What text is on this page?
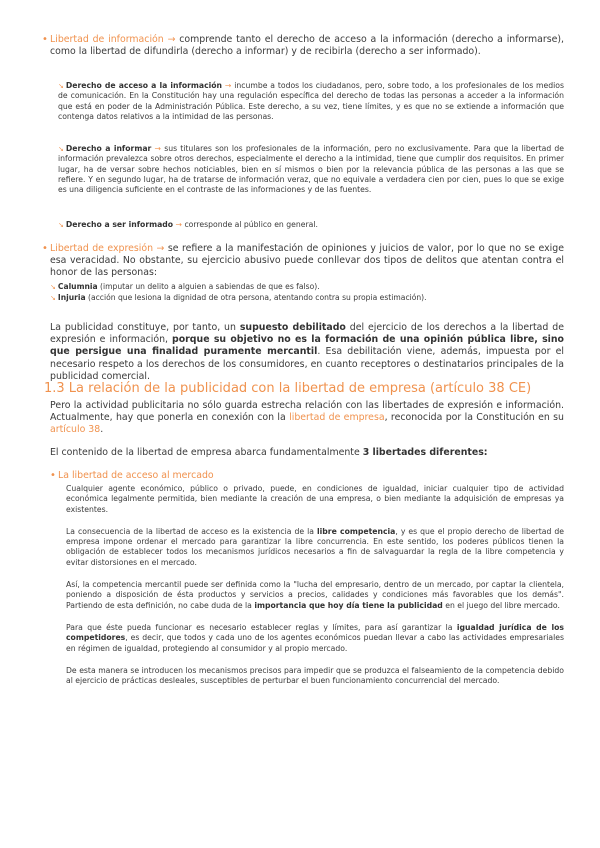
• Libertad de información → comprende tanto el derecho de acceso a la información (derecho a informarse), como la libertad de difundirla (derecho a informar) y de recibirla (derecho a ser informado).

↘ Derecho de acceso a la información → incumbe a todos los ciudadanos, pero, sobre todo, a los profesionales de los medios de comunicación. En la Constitución hay una regulación específica del derecho de todas las personas a acceder a la información que está en poder de la Administración Pública. Este derecho, a su vez, tiene límites, y es que no se extiende a información que contenga datos relativos a la intimidad de las personas.

↘ Derecho a informar → sus titulares son los profesionales de la información, pero no exclusivamente. Para que la libertad de información prevalezca sobre otros derechos, especialmente el derecho a la intimidad, tiene que cumplir dos requisitos. En primer lugar, ha de versar sobre hechos noticiables, bien en sí mismos o bien por la relevancia pública de las personas a las que se refiere. Y en segundo lugar, ha de tratarse de información veraz, que no equivale a verdadera cien por cien, pues lo que se exige es una diligencia suficiente en el contraste de las informaciones y de las fuentes.

↘ Derecho a ser informado → corresponde al público en general.

• Libertad de expresión → se refiere a la manifestación de opiniones y juicios de valor, por lo que no se exige esa veracidad. No obstante, su ejercicio abusivo puede conllevar dos tipos de delitos que atentan contra el honor de las personas:

↘ Calumnia (imputar un delito a alguien a sabiendas de que es falso).

↘ Injuria (acción que lesiona la dignidad de otra persona, atentando contra su propia estimación).

La publicidad constituye, por tanto, un supuesto debilitado del ejercicio de los derechos a la libertad de expresión e información, porque su objetivo no es la formación de una opinión pública libre, sino que persigue una finalidad puramente mercantil. Esa debilitación viene, además, impuesta por el necesario respeto a los derechos de los consumidores, en cuanto receptores o destinatarios principales de la publicidad comercial.

1.3 La relación de la publicidad con la libertad de empresa (artículo 38 CE)

Pero la actividad publicitaria no sólo guarda estrecha relación con las libertades de expresión e información. Actualmente, hay que ponerla en conexión con la libertad de empresa, reconocida por la Constitución en su artículo 38.

El contenido de la libertad de empresa abarca fundamentalmente 3 libertades diferentes:

• La libertad de acceso al mercado

Cualquier agente económico, público o privado, puede, en condiciones de igualdad, iniciar cualquier tipo de actividad económica legalmente permitida, bien mediante la creación de una empresa, o bien mediante la adquisición de empresas ya existentes.

La consecuencia de la libertad de acceso es la existencia de la libre competencia, y es que el propio derecho de libertad de empresa impone ordenar el mercado para garantizar la libre concurrencia. En este sentido, los poderes públicos tienen la obligación de establecer todos los mecanismos jurídicos necesarios a fin de salvaguardar la regla de la libre competencia y evitar distorsiones en el mercado.

Así, la competencia mercantil puede ser definida como la "lucha del empresario, dentro de un mercado, por captar la clientela, poniendo a disposición de ésta productos y servicios a precios, calidades y condiciones más favorables que los demás". Partiendo de esta definición, no cabe duda de la importancia que hoy día tiene la publicidad en el juego del libre mercado.

Para que éste pueda funcionar es necesario establecer reglas y límites, para así garantizar la igualdad jurídica de los competidores, es decir, que todos y cada uno de los agentes económicos puedan llevar a cabo las actividades empresariales en régimen de igualdad, protegiendo al consumidor y al propio mercado.

De esta manera se introducen los mecanismos precisos para impedir que se produzca el falseamiento de la competencia debido al ejercicio de prácticas desleales, susceptibles de perturbar el buen funcionamiento concurrencial del mercado.
